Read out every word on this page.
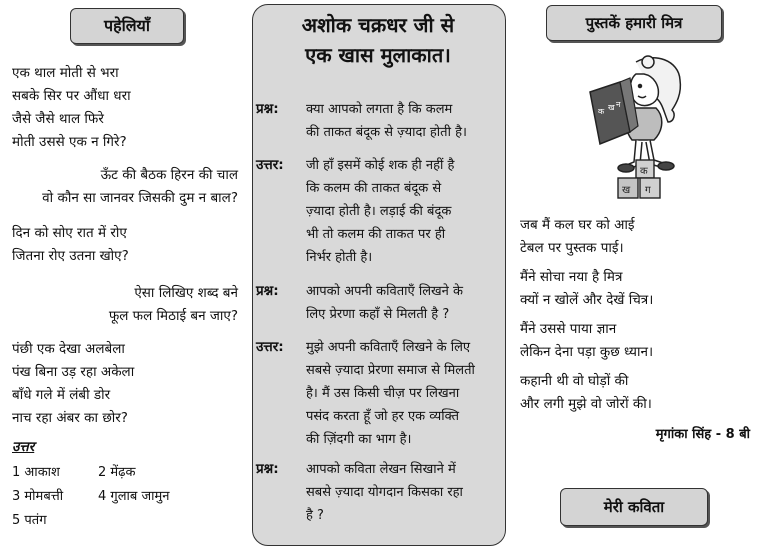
पहेलियाँ
एक थाल मोती से भरा
सबके सिर पर औंधा धरा
जैसे जैसे थाल फिरे
मोती उससे एक न गिरे?
ऊँट की बैठक हिरन की चाल
वो कौन सा जानवर जिसकी दुम न बाल?
दिन को सोए रात में रोए
जितना रोए उतना खोए?
ऐसा लिखिए शब्द बने
फूल फल मिठाई बन जाए?
पंछी एक देखा अलबेला
पंख बिना उड़ रहा अकेला
बाँधे गले में लंबी डोर
नाच रहा अंबर का छोर?
उत्तर
1 आकाश	2 मेंढ़क
3 मोमबत्ती	4 गुलाब जामुन
5 पतंग
अशोक चक्रधर जी से
एक खास मुलाकात।
प्रश्न:	क्या आपको लगता है कि कलम
की ताकत बंदूक से ज़्यादा होती है।
उत्तर:	जी हाँ इसमें कोई शक ही नहीं है
कि कलम की ताकत बंदूक से
ज़्यादा होती है। लड़ाई की बंदूक
भी तो कलम की ताकत पर ही
निर्भर होती है।
प्रश्न:	आपको अपनी कविताएँ लिखने के
लिए प्रेरणा कहाँ से मिलती है ?
उत्तर:	मुझे अपनी कविताएँ लिखने के लिए
सबसे ज़्यादा प्रेरणा समाज से मिलती
है। मैं उस किसी चीज़ पर लिखना
पसंद करता हूँ जो हर एक व्यक्ति
की ज़िंदगी का भाग है।
प्रश्न:	आपको कविता लेखन सिखाने में
सबसे ज़्यादा योगदान किसका रहा
है ?
पुस्तकें हमारी मित्र
क ख न
क
ख ग
जब मैं कल घर को आई
टेबल पर पुस्तक पाई।
मैंने सोचा नया है मित्र
क्यों न खोलें और देखें चित्र।
मैंने उससे पाया ज्ञान
लेकिन देना पड़ा कुछ ध्यान।
कहानी थी वो घोड़ों की
और लगी मुझे वो जोरों की।
मृगांका सिंह - 8 बी
मेरी कविता
